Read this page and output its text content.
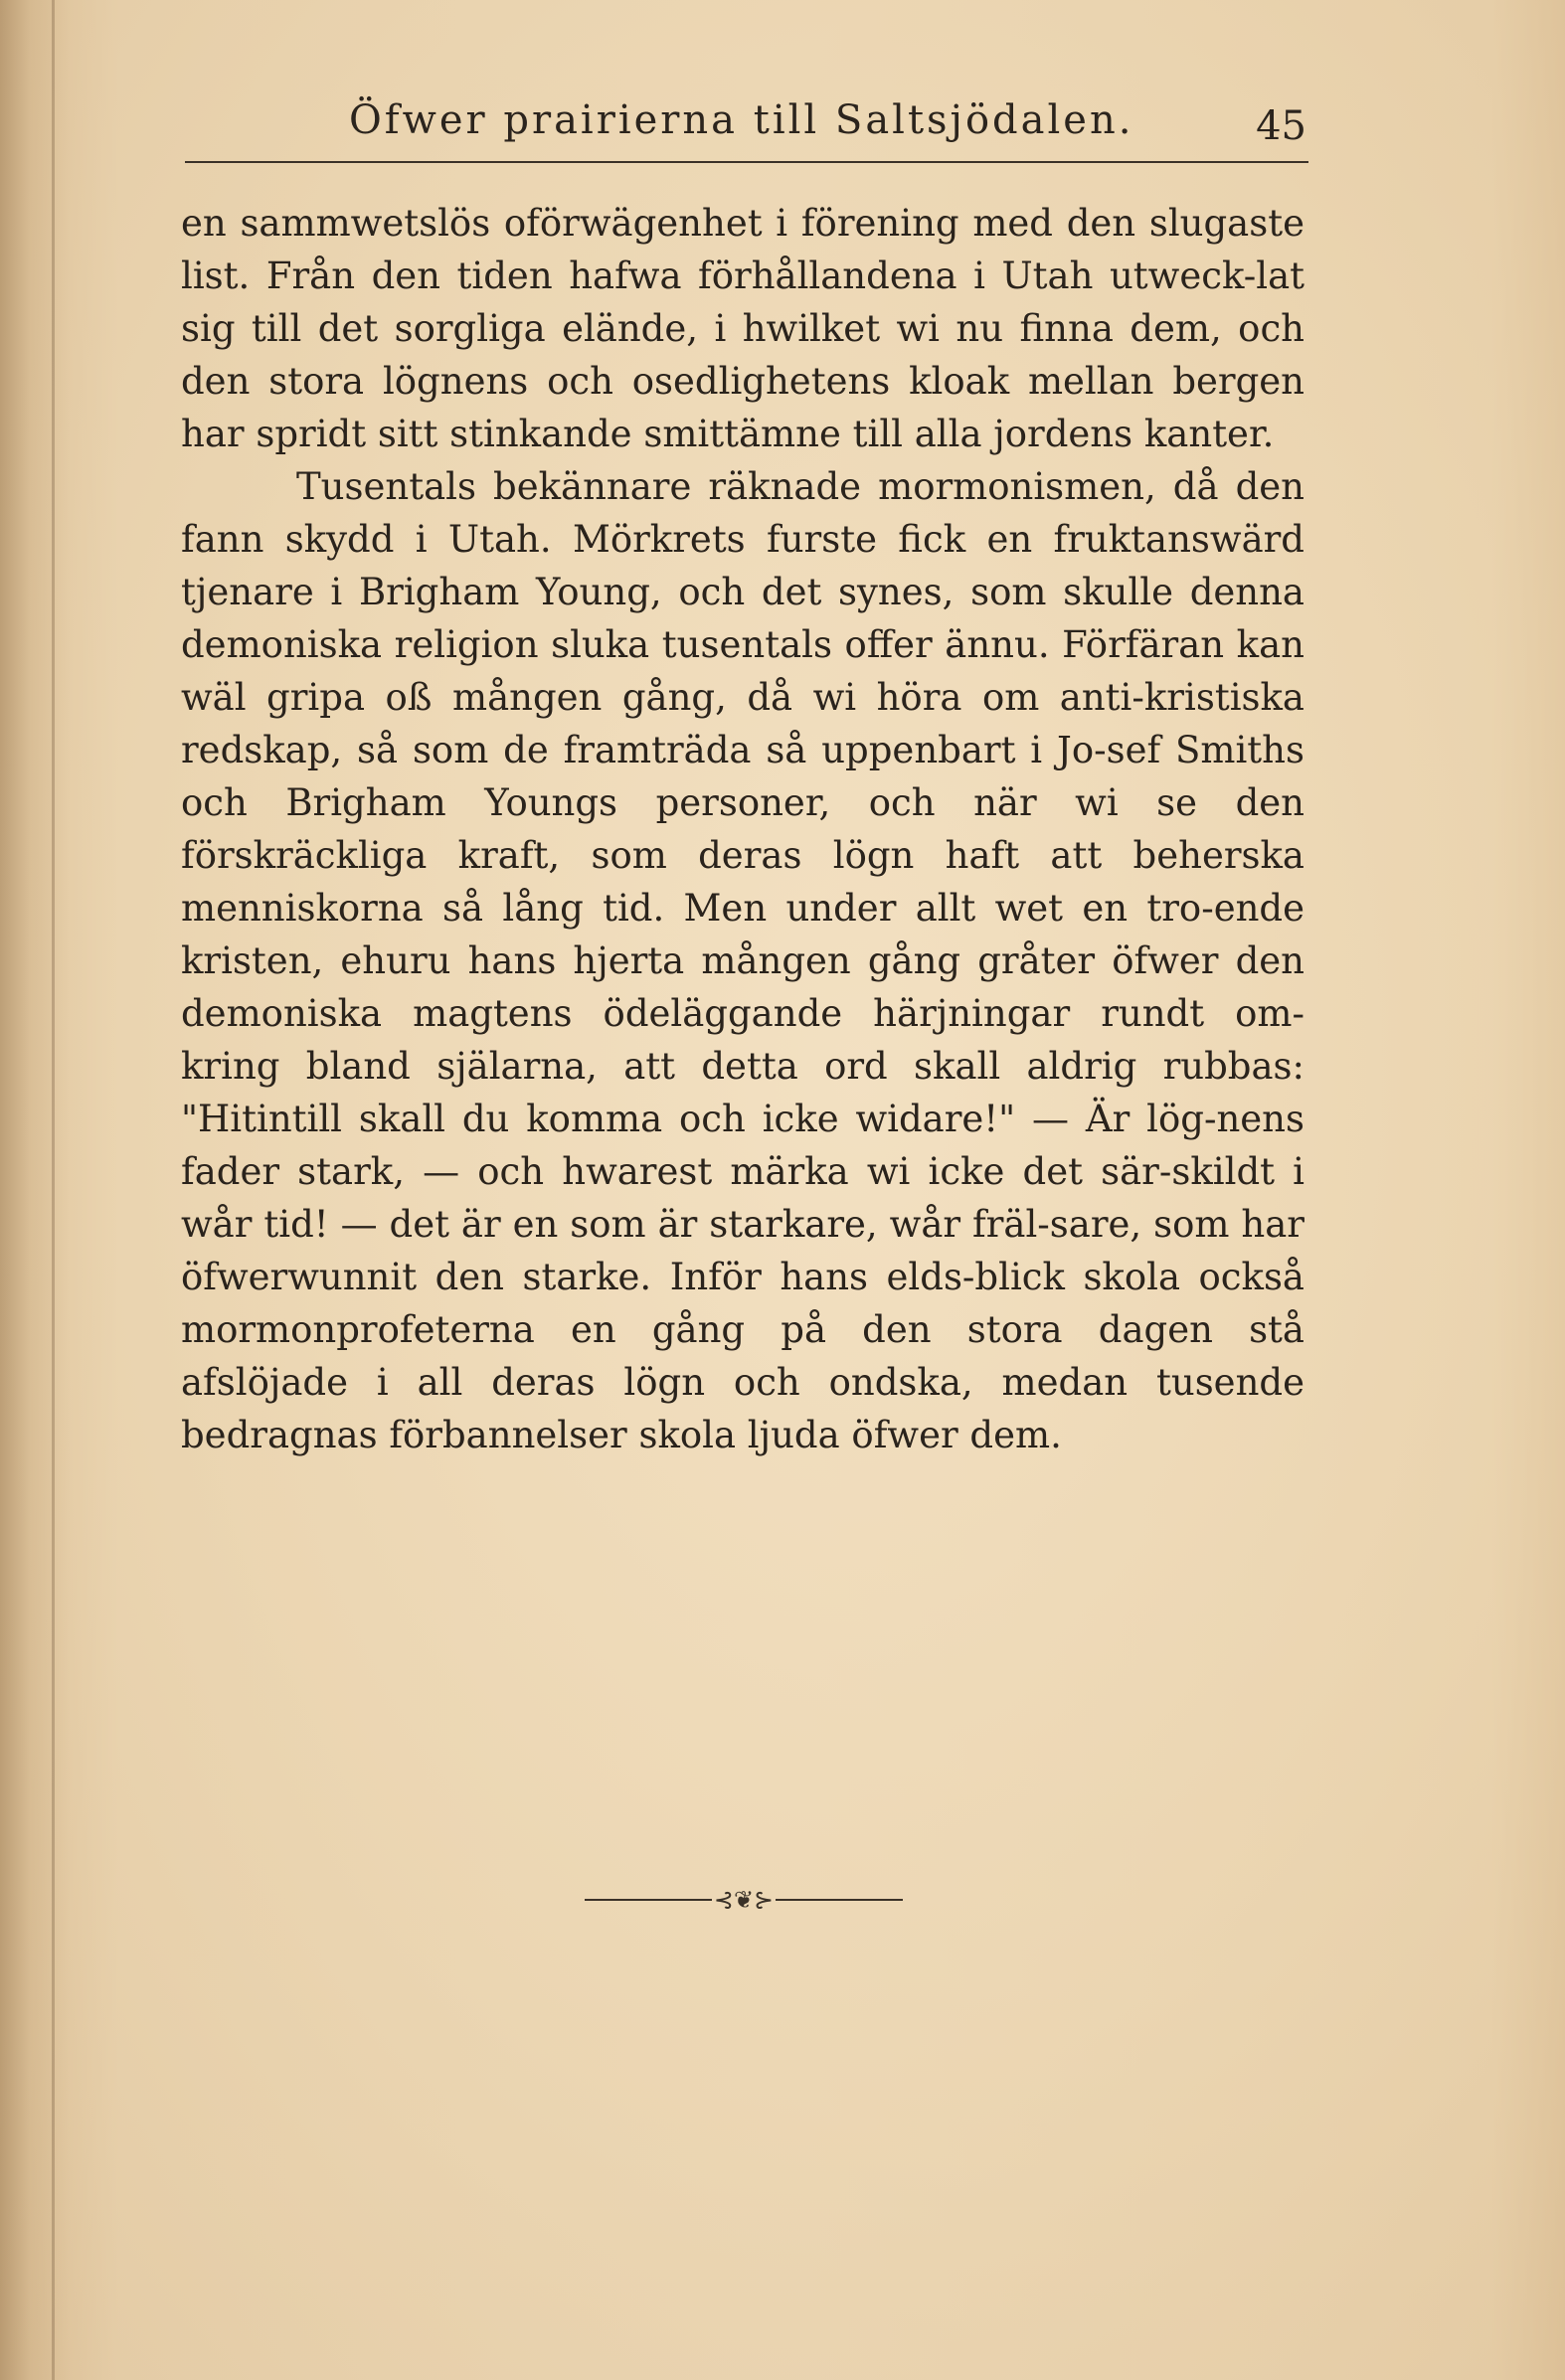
Öfwer prairierna till Saltsjödalen.	45

en sammwetslös oförwägenhet i förening med den slugaste list. Från den tiden hafwa förhållandena i Utah utweck-lat sig till det sorgliga elände, i hwilket wi nu finna dem, och den stora lögnens och osedlighetens kloak mellan bergen har spridt sitt stinkande smittämne till alla jordens kanter.

Tusentals bekännare räknade mormonismen, då den fann skydd i Utah. Mörkrets furste fick en fruktanswärd tjenare i Brigham Young, och det synes, som skulle denna demoniska religion sluka tusentals offer ännu. Förfäran kan wäl gripa oß mången gång, då wi höra om anti-kristiska redskap, så som de framträda så uppenbart i Jo-sef Smiths och Brigham Youngs personer, och när wi se den förskräckliga kraft, som deras lögn haft att beherska menniskorna så lång tid. Men under allt wet en tro-ende kristen, ehuru hans hjerta mången gång gråter öfwer den demoniska magtens ödeläggande härjningar rundt om-kring bland själarna, att detta ord skall aldrig rubbas: "Hitintill skall du komma och icke widare!" — Är lög-nens fader stark, — och hwarest märka wi icke det sär-skildt i wår tid! — det är en som är starkare, wår fräl-sare, som har öfwerwunnit den starke. Inför hans elds-blick skola också mormonprofeterna en gång på den stora dagen stå afslöjade i all deras lögn och ondska, medan tusende bedragnas förbannelser skola ljuda öfwer dem.

⊰❦⊱
